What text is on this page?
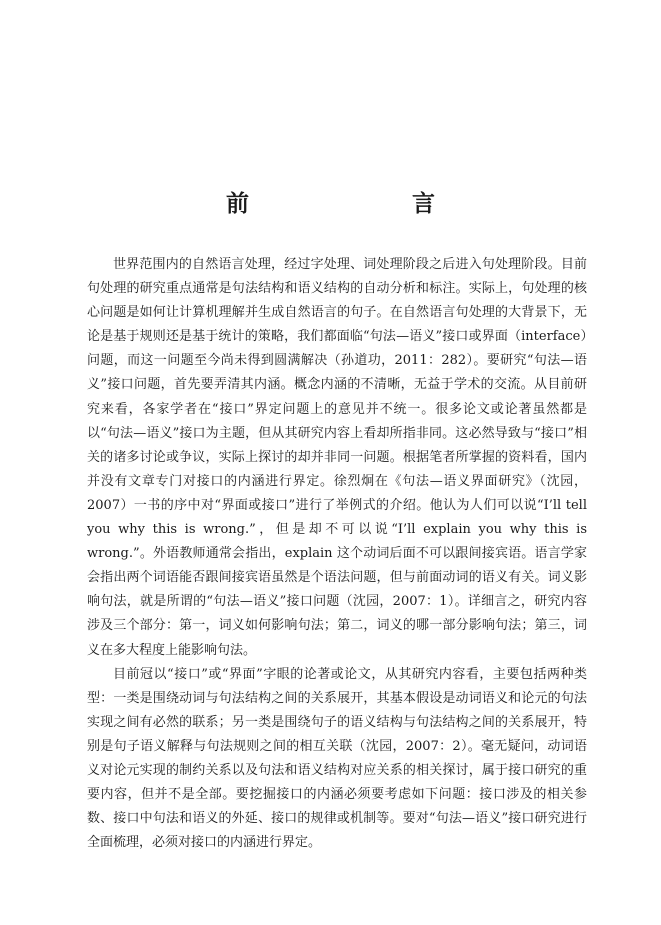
前　言

世界范围内的自然语言处理，经过字处理、词处理阶段之后进入句处理阶段。目前句处理的研究重点通常是句法结构和语义结构的自动分析和标注。实际上，句处理的核心问题是如何让计算机理解并生成自然语言的句子。在自然语言句处理的大背景下，无论是基于规则还是基于统计的策略，我们都面临“句法—语义”接口或界面（interface）问题，而这一问题至今尚未得到圆满解决（孙道功，2011：282）。要研究“句法—语义”接口问题，首先要弄清其内涵。概念内涵的不清晰，无益于学术的交流。从目前研究来看，各家学者在“接口”界定问题上的意见并不统一。很多论文或论著虽然都是以“句法—语义”接口为主题，但从其研究内容上看却所指非同。这必然导致与“接口”相关的诸多讨论或争议，实际上探讨的却并非同一问题。根据笔者所掌握的资料看，国内并没有文章专门对接口的内涵进行界定。徐烈炯在《句法—语义界面研究》（沈园，2007）一书的序中对“界面或接口”进行了举例式的介绍。他认为人们可以说“I’ll tell you why this is wrong.”，但是却不可以说“I’ll explain you why this is wrong.”。外语教师通常会指出，explain 这个动词后面不可以跟间接宾语。语言学家会指出两个词语能否跟间接宾语虽然是个语法问题，但与前面动词的语义有关。词义影响句法，就是所谓的“句法—语义”接口问题（沈园，2007：1）。详细言之，研究内容涉及三个部分：第一，词义如何影响句法；第二，词义的哪一部分影响句法；第三，词义在多大程度上能影响句法。

目前冠以“接口”或“界面”字眼的论著或论文，从其研究内容看，主要包括两种类型：一类是围绕动词与句法结构之间的关系展开，其基本假设是动词语义和论元的句法实现之间有必然的联系；另一类是围绕句子的语义结构与句法结构之间的关系展开，特别是句子语义解释与句法规则之间的相互关联（沈园，2007：2）。毫无疑问，动词语义对论元实现的制约关系以及句法和语义结构对应关系的相关探讨，属于接口研究的重要内容，但并不是全部。要挖掘接口的内涵必须要考虑如下问题：接口涉及的相关参数、接口中句法和语义的外延、接口的规律或机制等。要对“句法—语义”接口研究进行全面梳理，必须对接口的内涵进行界定。
